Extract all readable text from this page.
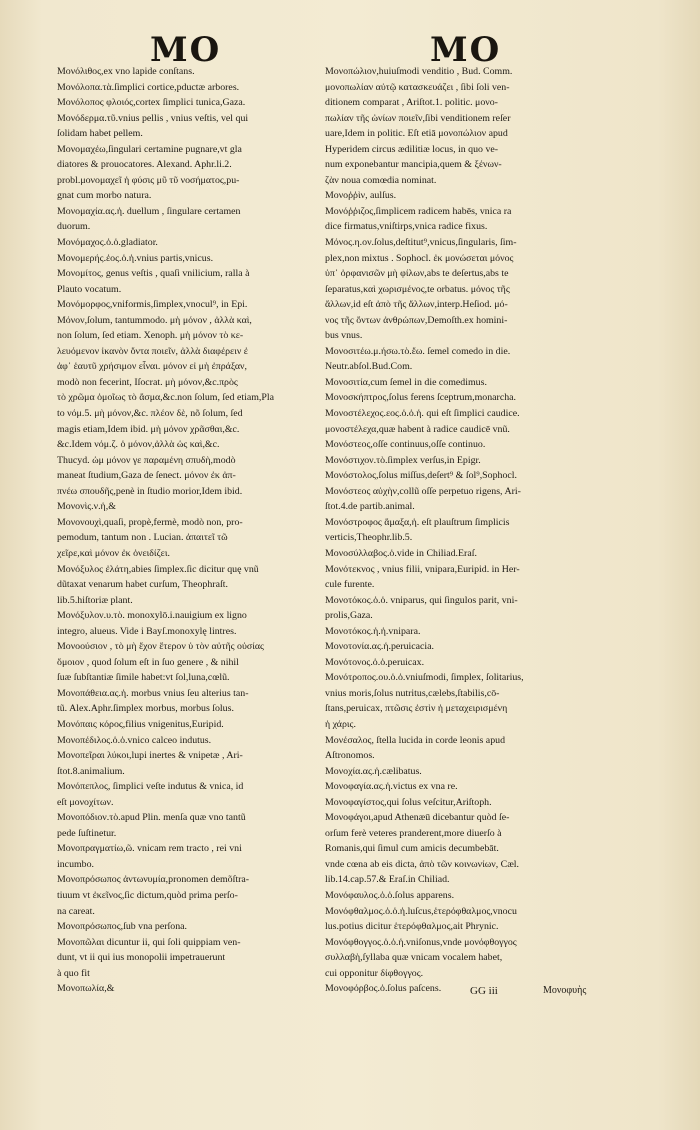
MO	MO
Μονόλιθος,ex vno lapide conſtans.
Μονόλοπα.τὰ.ſimplici cortice,pductæ arbores.
Μονόλοπος φλοιός,cortex ſimplici tunica,Gaza.
Μονόδερμα.τῦ.vnius pellis , vnius veſtis, vel qui
ſolidam habet pellem.
Μονομαχέω,ſingulari certamine pugnare,vt gla
diatores & prouocatores. Alexand. Aphr.li.2.
probl.μονομαχεῖ ἡ φύσις μῦ τῦ νοσήματος,pu-
gnat cum morbo natura.
Μονομαχία.ας.ἡ. duellum , ſingulare certamen
duorum.
Μονόμαχος.ὁ.ὁ.gladiator.
Μονομερής.ἐος.ὁ.ἡ.vnius partis,vnicus.
Μονομίτος, genus veſtis , quaſi vnilicium, ralla à
Plauto vocatum.
Μονόμορφος,vniformis,ſimplex,vnocul⁹, in Epi.
Μόνον,ſolum, tantummodo. μὴ μόνον , ἀλλὰ καὶ,
non ſolum, ſed etiam. Xenoph. μὴ μόνον τὸ κε-
λευόμενον ἱκανὸν ὄντα ποιεῖν, ἀλλὰ διαφέρειν ἐ
ἀφ᾽ ἑαυτῦ χρήσιμον εἶναι. μόνον εἰ μὴ ἐπράξαν,
modò non fecerint, Iſocrat. μὴ μόνον,&c.πρὸς
τὸ χρῶμα ὁμοῖως τὸ ἄσμα,&c.non ſolum, ſed etiam,Pla
to νόμ.5. μὴ μόνον,&c. πλέον δὲ, nõ ſolum, ſed
magis etiam,Idem ibid. μὴ μόνον χρᾶσθαι,&c.
&c.Idem νόμ.ζ. ὁ μόνον,ἀλλὰ ὡς καὶ,&c.
Thucyd. ὡμ μόνον γε παραμένη σπυδὴ,modò
maneat ſtudium,Gaza de ſenect. μόνον ἐκ ἀπ-
πνέω σπουδῆς,penè in ſtudio morior,Idem ibid.
Μονονὶς.ν.ἡ,&
Μονονουχὶ,quaſi, propè,fermè, modò non, pro-
pemodum, tantum non . Lucian. ἀπαιτεῖ τῶ
χεῖρε,καὶ μόνον ἐκ ὀνειδίζει.
Μονόξυλος ἐλάτη,abies ſimplex.ſic dicitur quę vnũ
dũtaxat venarum habet curſum, Theophraſt.
lib.5.hiſtoriæ plant.
Μονόξυλον.υ.τὸ. monoxylō.i.nauigium ex ligno
integro, alueus. Vide i Bayſ.monoxylę lintres.
Μονοούσιον , τὸ μὴ ἔχον ἕτερον ὑ τὸν αὐτῆς οὐσίας
ὅμοιον , quod ſolum eſt in ſuo genere , & nihil
ſuæ ſubſtantiæ ſimile habet:vt ſol,luna,cœlũ.
Μονοπάθεια.ας.ἡ. morbus vnius ſeu alterius tan-
tũ. Alex.Aphr.ſimplex morbus, morbus ſolus.
Μονόπαις κόρος,filius vnigenitus,Euripid.
Μονοπέδιλος.ὁ.ὁ.vnico calceo indutus.
Μονοπεῖραι λύκοι,lupi inertes & vnipetæ , Ari-
ſtot.8.animalium.
Μονόπεπλος, ſimplici veſte indutus & vnica, id
eſt μονοχίτων.
Μονοπόδιον.τὸ.apud Plin. menſa quæ vno tantũ
pede ſuſtinetur.
Μονοπραγματίω,ῶ. vnicam rem tracto , rei vni
incumbo.
Μονοπρόσωπος ἀντωνυμία,pronomen demõſtra-
tiuum vt ἐκεῖνος,ſic dictum,quòd prima perſo-
na careat.
Μονοπρόσωπος,ſub vna perſona.
Μονοπῶλαι dicuntur ii, qui ſoli quippiam ven-
dunt, vt ii qui ius monopolii impetrauerunt
à quo fit
Μονοπωλία,&
Μονοπώλιον,huiuſmodi venditio , Bud. Comm.
μονοπωλίαν αὐτῷ κατασκευάζει , ſibi ſoli ven-
ditionem comparat , Ariſtot.1. politic. μονο-
πωλίαν τῆς ὠνίων ποιεῖν,ſibi venditionem reſer
uare,Idem in politic. Eſt etiā μονοπώλιον apud
Hyperidem circus ædilitiæ locus, in quo ve-
num exponebantur mancipia,quem & ξένων-
ζὰν noua comœdia nominat.
Μονοῤῥὶν, aulſus.
Μονόῤῥιζος,ſimplicem radicem habēs, vnica ra
dice firmatus,vniſtirps,vnica radice fixus.
Μόνος.η.ον.ſolus,deſtitut⁹,vnicus,ſingularis, ſim-
plex,non mixtus . Sophocl. ἐκ μονώσεται μόνος
ὑπ᾽ ὀρφανισῶν μὴ φίλων,abs te deſertus,abs te
ſeparatus,καὶ χωρισμένος,te orbatus. μόνος τῆς
ἄλλων,id eſt ἀπὸ τῆς ἄλλων,interp.Heſiod. μό-
νος τῆς ὄντων ἀνθρώπων,Demoſth.ex homini-
bus vnus.
Μονοσιτέω.μ.ήσω.τὸ.ἔω. ſemel comedo in die.
Neutr.abſol.Bud.Com.
Μονοσιτία,cum ſemel in die comedimus.
Μονοσκήπτρος,ſolus ferens ſceptrum,monarcha.
Μονοστέλεχος.εος.ὁ.ὁ.ἡ. qui eſt ſimplici caudice.
μονοστέλεχα,quæ habent à radice caudicē vnũ.
Μονόστεος,oſſe continuus,oſſe continuo.
Μονόστιχον.τὸ.ſimplex verſus,in Epigr.
Μονόστολος,ſolus miſſus,deſert⁹ & ſol⁹,Sophocl.
Μονόστεος αὐχὴν,collũ oſſe perpetuo rigens, Ari-
ſtot.4.de partib.animal.
Μονόστροφος ἅμαξα,ἡ. eſt plauſtrum ſimplicis
verticis,Theophr.lib.5.
Μονοσύλλαβος.ὁ.vide in Chiliad.Eraſ.
Μονότεκνος , vnius filii, vnipara,Euripid. in Her-
cule furente.
Μονοτόκος.ὁ.ὁ. vniparus, qui ſingulos parit, vni-
prolis,Gaza.
Μονοτόκος.ἡ.ἡ.vnipara.
Μονοτονία.ας.ἡ.peruicacia.
Μονότονος.ὁ.ὁ.peruicax.
Μονότροπος.ου.ὁ.ὁ.vniuſmodi, ſimplex, ſolitarius,
vnius moris,ſolus nutritus,cælebs,ſtabilis,cō-
ſtans,peruicax, πτῶσις ἐστὶν ἡ μεταχειρισμένη
ἡ χάρις.
Μονέσαλος, ſtella lucida in corde leonis apud
Aſtronomos.
Μονοχία.ας.ἡ.cælibatus.
Μονοφαγία.ας.ἡ.victus ex vna re.
Μονοφαγίστος,qui ſolus veſcitur,Ariſtoph.
Μονοφάγοι,apud Athenæū dicebantur quòd ſe-
orſum ferè veteres pranderent,more diuerſo à
Romanis,qui ſimul cum amicis decumbebāt.
vnde cœna ab eis dicta, ἀπὸ τῶν κοινωνίων, Cæl.
lib.14.cap.57.& Eraſ.in Chiliad.
Μονόφαυλος.ὁ.ὁ.ſolus apparens.
Μονόφθαλμος.ὁ.ὁ.ἡ.luſcus,ἑτερόφθαλμος,vnocu
lus.potius dicitur ἑτερόφθαλμος,ait Phrynic.
Μονόφθογγος.ὁ.ὁ.ἡ.vniſonus,vnde μονόφθογγος
συλλαβὴ,ſyllaba quæ vnicam vocalem habet,
cui opponitur δίφθογγος.
Μονοφόρβος.ὁ.ſolus paſcens.	GG iii	Μονοφυὴς
